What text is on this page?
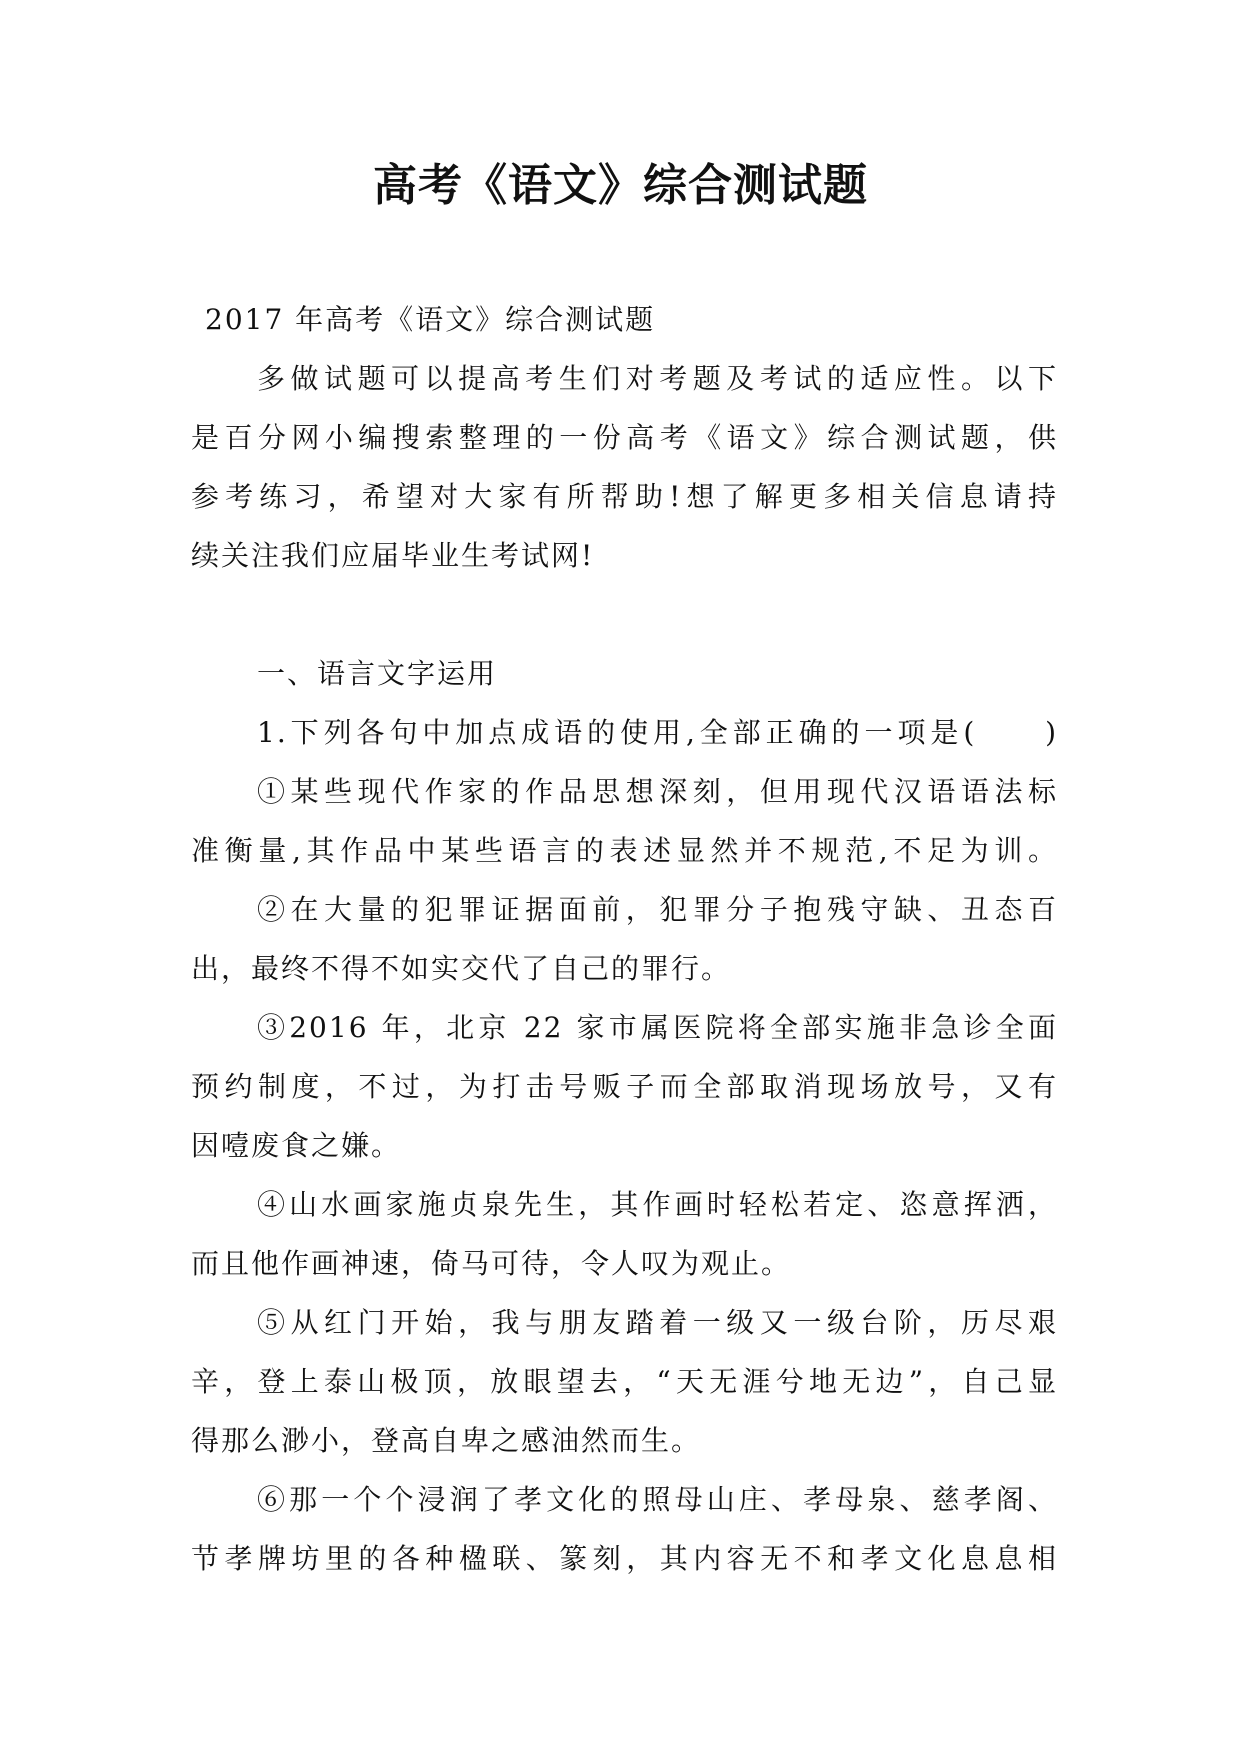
高考《语文》综合测试题
2017 年高考《语文》综合测试题
多做试题可以提高考生们对考题及考试的适应性。以下
是百分网小编搜索整理的一份高考《语文》综合测试题，供
参考练习，希望对大家有所帮助!想了解更多相关信息请持
续关注我们应届毕业生考试网!
一、语言文字运用
1.下列各句中加点成语的使用,全部正确的一项是(　　)
①某些现代作家的作品思想深刻，但用现代汉语语法标
准衡量,其作品中某些语言的表述显然并不规范,不足为训。
②在大量的犯罪证据面前，犯罪分子抱残守缺、丑态百
出，最终不得不如实交代了自己的罪行。
③2016 年，北京 22 家市属医院将全部实施非急诊全面
预约制度，不过，为打击号贩子而全部取消现场放号，又有
因噎废食之嫌。
④山水画家施贞泉先生，其作画时轻松若定、恣意挥洒，
而且他作画神速，倚马可待，令人叹为观止。
⑤从红门开始，我与朋友踏着一级又一级台阶，历尽艰
辛，登上泰山极顶，放眼望去，“天无涯兮地无边”，自己显
得那么渺小，登高自卑之感油然而生。
⑥那一个个浸润了孝文化的照母山庄、孝母泉、慈孝阁、
节孝牌坊里的各种楹联、篆刻，其内容无不和孝文化息息相
